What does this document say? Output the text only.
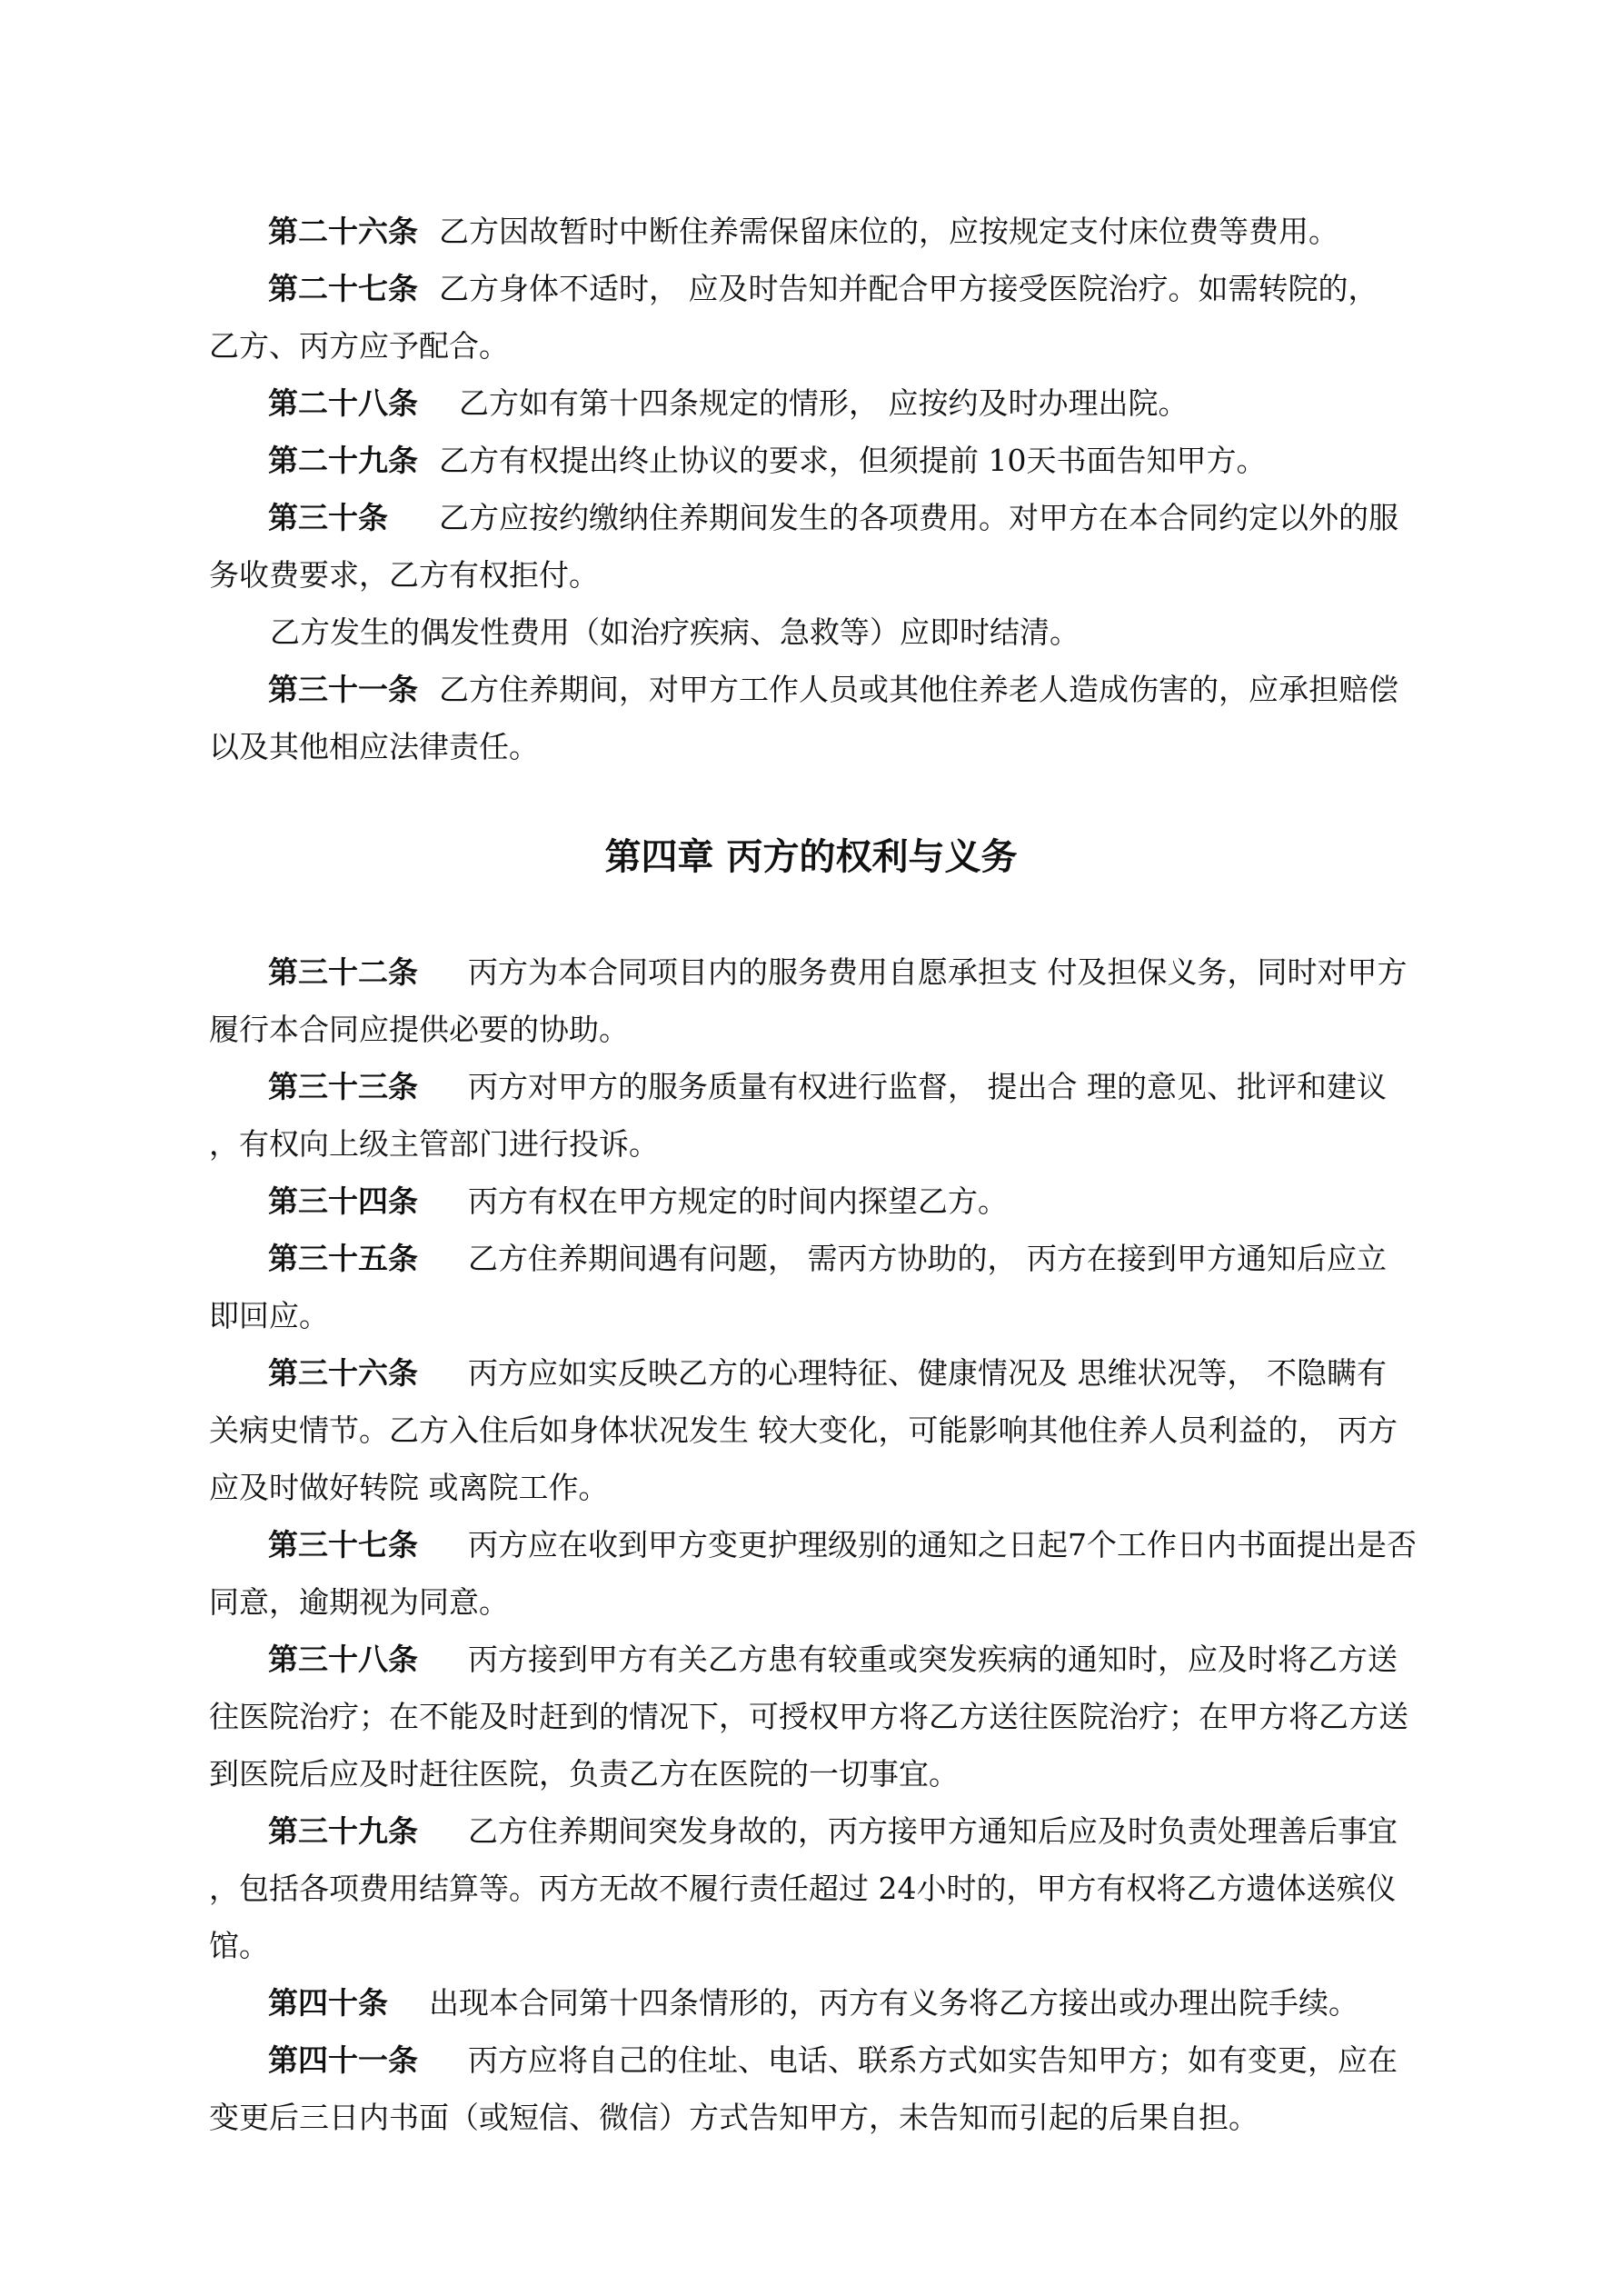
第二十六条 乙方因故暂时中断住养需保留床位的，应按规定支付床位费等费用。
第二十七条 乙方身体不适时， 应及时告知并配合甲方接受医院治疗。如需转院的，
乙方、丙方应予配合。
第二十八条 乙方如有第十四条规定的情形， 应按约及时办理出院。
第二十九条 乙方有权提出终止协议的要求，但须提前 10天书面告知甲方。
第三十条 乙方应按约缴纳住养期间发生的各项费用。对甲方在本合同约定以外的服
务收费要求，乙方有权拒付。
乙方发生的偶发性费用（如治疗疾病、急救等）应即时结清。
第三十一条 乙方住养期间，对甲方工作人员或其他住养老人造成伤害的，应承担赔偿
以及其他相应法律责任。
第四章 丙方的权利与义务
第三十二条 丙方为本合同项目内的服务费用自愿承担支 付及担保义务，同时对甲方
履行本合同应提供必要的协助。
第三十三条 丙方对甲方的服务质量有权进行监督， 提出合 理的意见、批评和建议
，有权向上级主管部门进行投诉。
第三十四条 丙方有权在甲方规定的时间内探望乙方。
第三十五条 乙方住养期间遇有问题， 需丙方协助的， 丙方在接到甲方通知后应立
即回应。
第三十六条 丙方应如实反映乙方的心理特征、健康情况及 思维状况等， 不隐瞒有
关病史情节。乙方入住后如身体状况发生 较大变化，可能影响其他住养人员利益的， 丙方
应及时做好转院 或离院工作。
第三十七条 丙方应在收到甲方变更护理级别的通知之日起7个工作日内书面提出是否
同意，逾期视为同意。
第三十八条 丙方接到甲方有关乙方患有较重或突发疾病的通知时，应及时将乙方送
往医院治疗；在不能及时赶到的情况下，可授权甲方将乙方送往医院治疗；在甲方将乙方送
到医院后应及时赶往医院，负责乙方在医院的一切事宜。
第三十九条 乙方住养期间突发身故的，丙方接甲方通知后应及时负责处理善后事宜
，包括各项费用结算等。丙方无故不履行责任超过 24小时的，甲方有权将乙方遗体送殡仪
馆。
第四十条 出现本合同第十四条情形的，丙方有义务将乙方接出或办理出院手续。
第四十一条 丙方应将自己的住址、电话、联系方式如实告知甲方；如有变更，应在
变更后三日内书面（或短信、微信）方式告知甲方，未告知而引起的后果自担。
